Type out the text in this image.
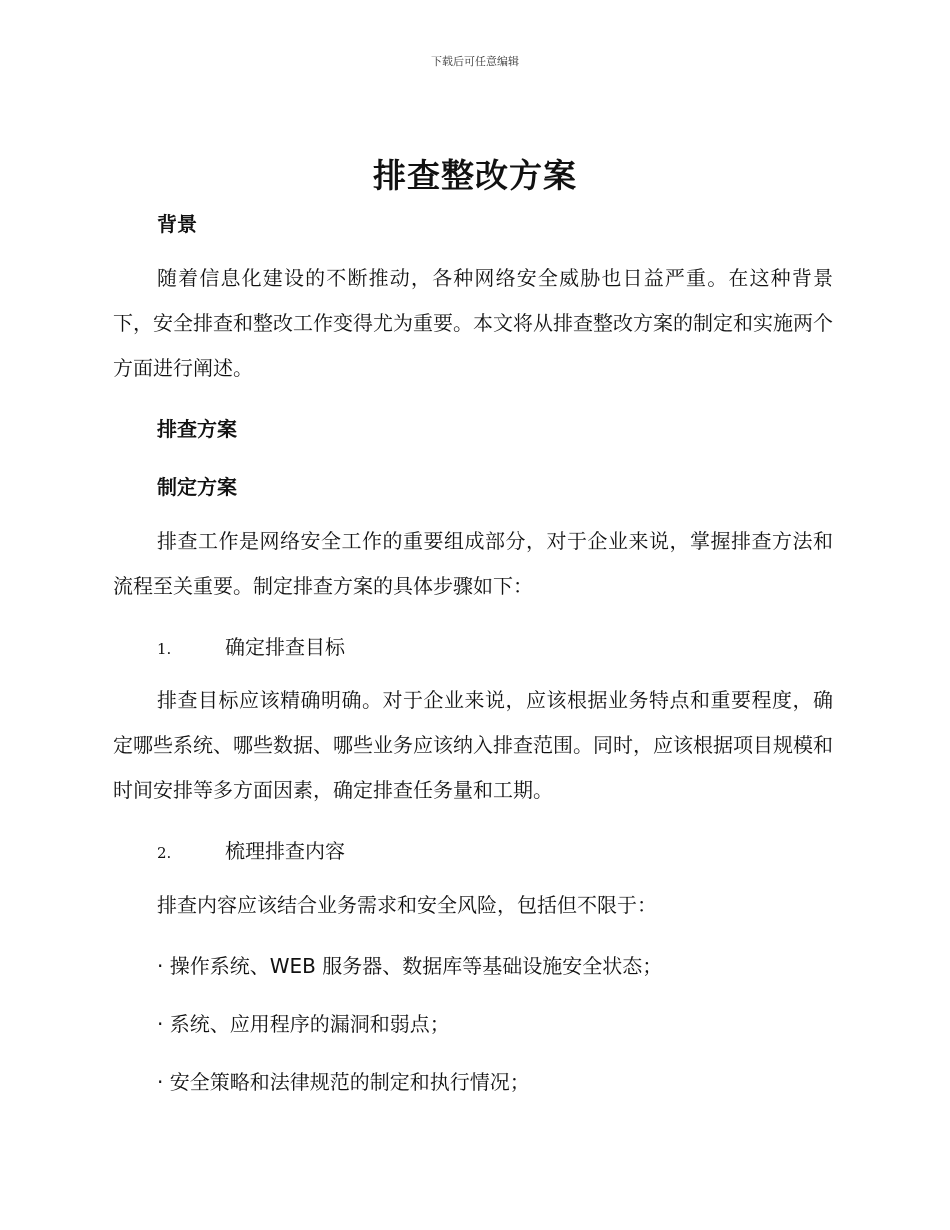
下载后可任意编辑
排查整改方案
背景

随着信息化建设的不断推动，各种网络安全威胁也日益严重。在这种背景下，安全排查和整改工作变得尤为重要。本文将从排查整改方案的制定和实施两个方面进行阐述。

排查方案
制定方案

排查工作是网络安全工作的重要组成部分，对于企业来说，掌握排查方法和流程至关重要。制定排查方案的具体步骤如下：

1.	确定排查目标

排查目标应该精确明确。对于企业来说，应该根据业务特点和重要程度，确定哪些系统、哪些数据、哪些业务应该纳入排查范围。同时，应该根据项目规模和时间安排等多方面因素，确定排查任务量和工期。

2.	梳理排查内容

排查内容应该结合业务需求和安全风险，包括但不限于：

· 操作系统、WEB 服务器、数据库等基础设施安全状态；
· 系统、应用程序的漏洞和弱点；
· 安全策略和法律规范的制定和执行情况；
